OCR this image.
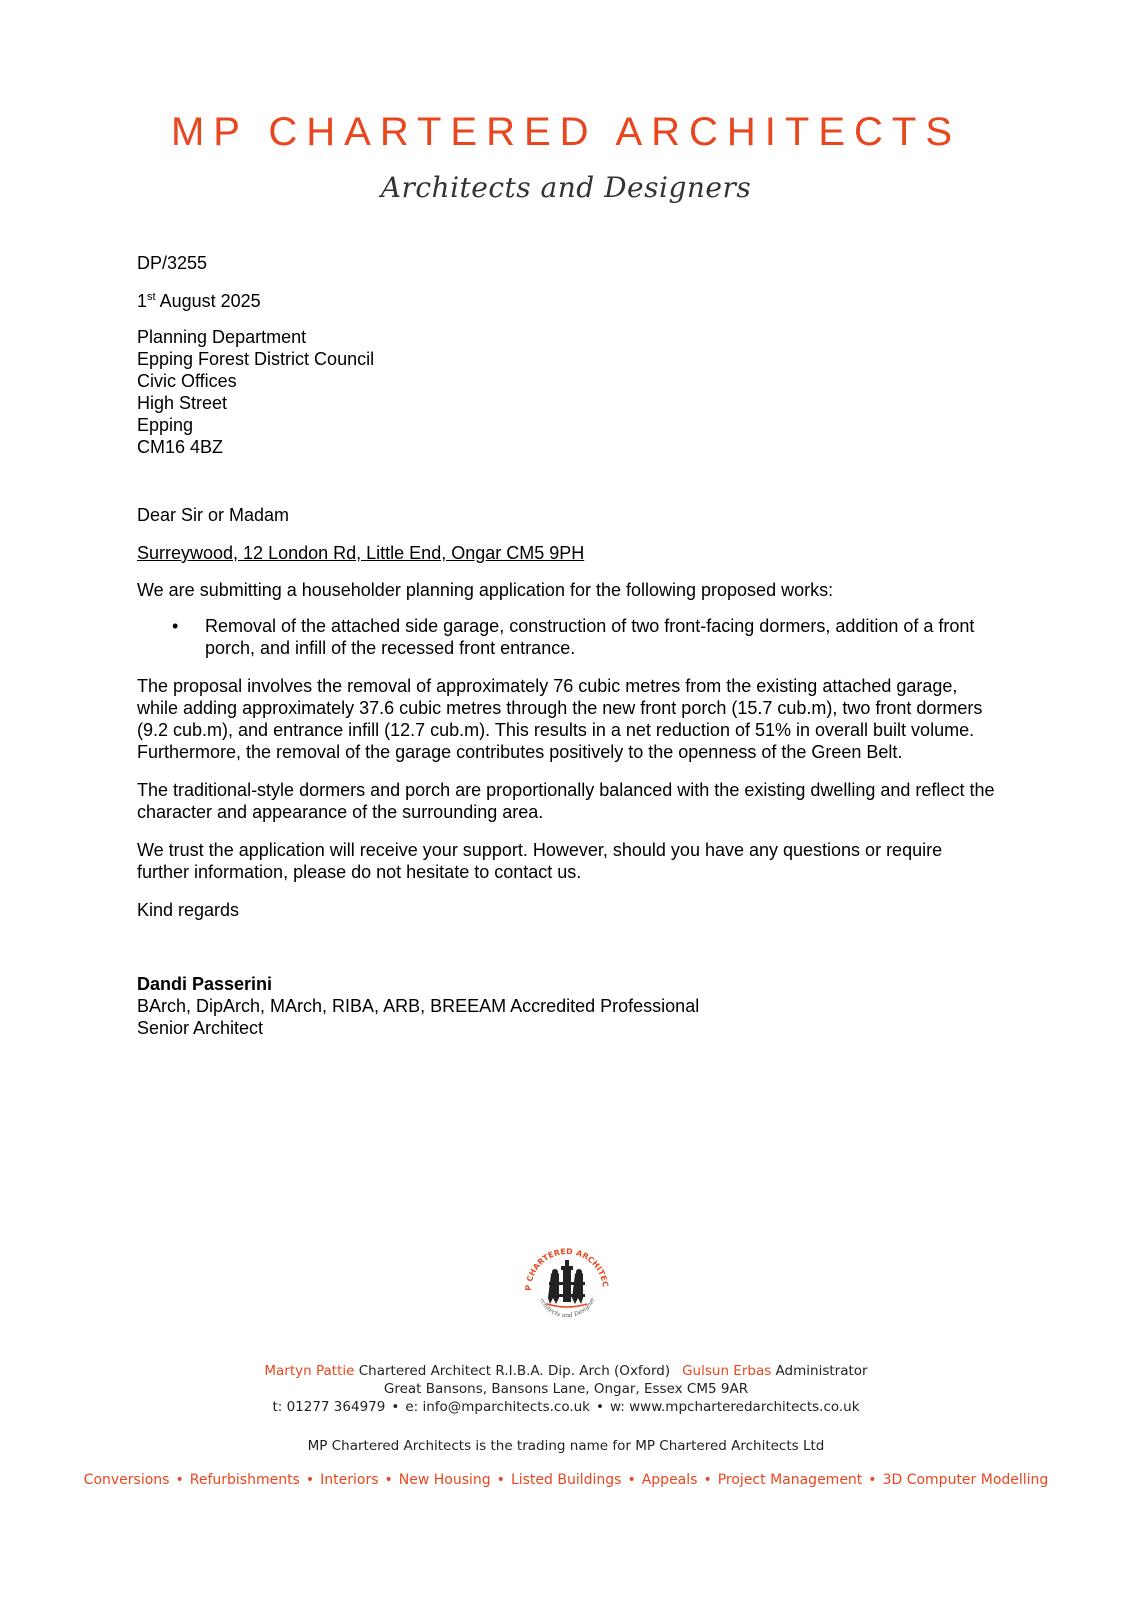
MP CHARTERED ARCHITECTS
Architects and Designers

DP/3255

1st August 2025

Planning Department
Epping Forest District Council
Civic Offices
High Street
Epping
CM16 4BZ

Dear Sir or Madam

Surreywood, 12 London Rd, Little End, Ongar CM5 9PH

We are submitting a householder planning application for the following proposed works:

• Removal of the attached side garage, construction of two front-facing dormers, addition of a front porch, and infill of the recessed front entrance.

The proposal involves the removal of approximately 76 cubic metres from the existing attached garage, while adding approximately 37.6 cubic metres through the new front porch (15.7 cub.m), two front dormers (9.2 cub.m), and entrance infill (12.7 cub.m). This results in a net reduction of 51% in overall built volume. Furthermore, the removal of the garage contributes positively to the openness of the Green Belt.

The traditional-style dormers and porch are proportionally balanced with the existing dwelling and reflect the character and appearance of the surrounding area.

We trust the application will receive your support. However, should you have any questions or require further information, please do not hesitate to contact us.

Kind regards

Dandi Passerini
BArch, DipArch, MArch, RIBA, ARB, BREEAM Accredited Professional
Senior Architect
P CHARTERED ARCHITEC
rchitects and Designer
Martyn Pattie Chartered Architect R.I.B.A. Dip. Arch (Oxford) Gulsun Erbas Administrator
Great Bansons, Bansons Lane, Ongar, Essex CM5 9AR
t: 01277 364979 • e: info@mparchitects.co.uk • w: www.mpcharteredarchitects.co.uk
MP Chartered Architects is the trading name for MP Chartered Architects Ltd
Conversions • Refurbishments • Interiors • New Housing • Listed Buildings • Appeals • Project Management • 3D Computer Modelling
